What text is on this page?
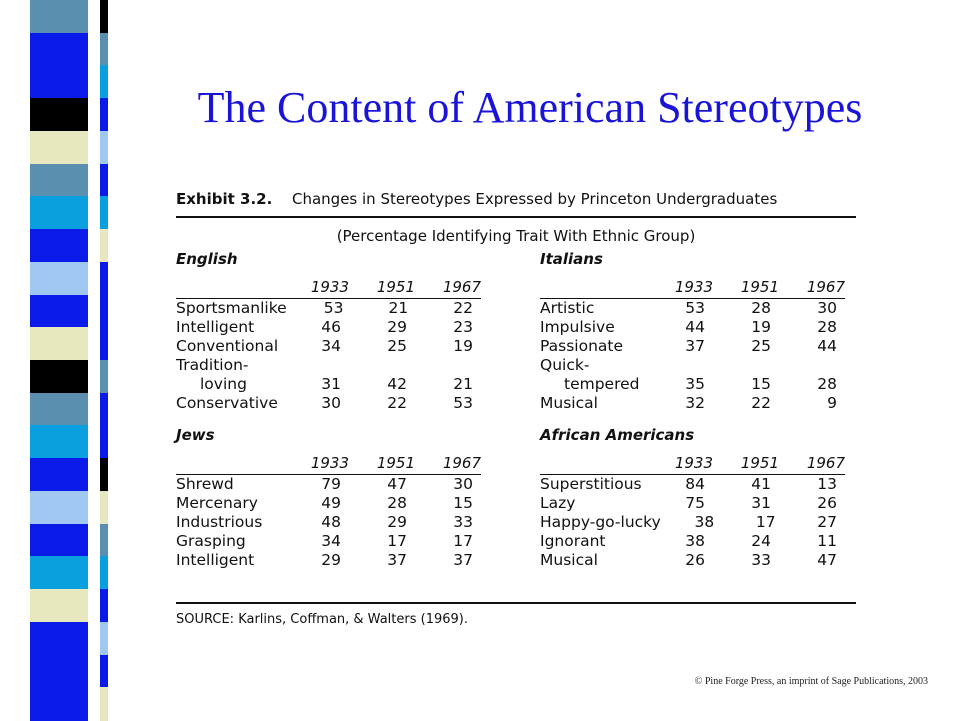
The Content of American Stereotypes
Exhibit 3.2. Changes in Stereotypes Expressed by Princeton Undergraduates
(Percentage Identifying Trait With Ethnic Group)
English
1933	1951	1967
Sportsmanlike	53	21	22
Intelligent	46	29	23
Conventional	34	25	19
Tradition-
loving	31	42	21
Conservative	30	22	53
Italians
1933	1951	1967
Artistic	53	28	30
Impulsive	44	19	28
Passionate	37	25	44
Quick-
tempered	35	15	28
Musical	32	22	9
Jews
1933	1951	1967
Shrewd	79	47	30
Mercenary	49	28	15
Industrious	48	29	33
Grasping	34	17	17
Intelligent	29	37	37
African Americans
1933	1951	1967
Superstitious	84	41	13
Lazy	75	31	26
Happy-go-lucky	38	17	27
Ignorant	38	24	11
Musical	26	33	47
SOURCE: Karlins, Coffman, & Walters (1969).
© Pine Forge Press, an imprint of Sage Publications, 2003
